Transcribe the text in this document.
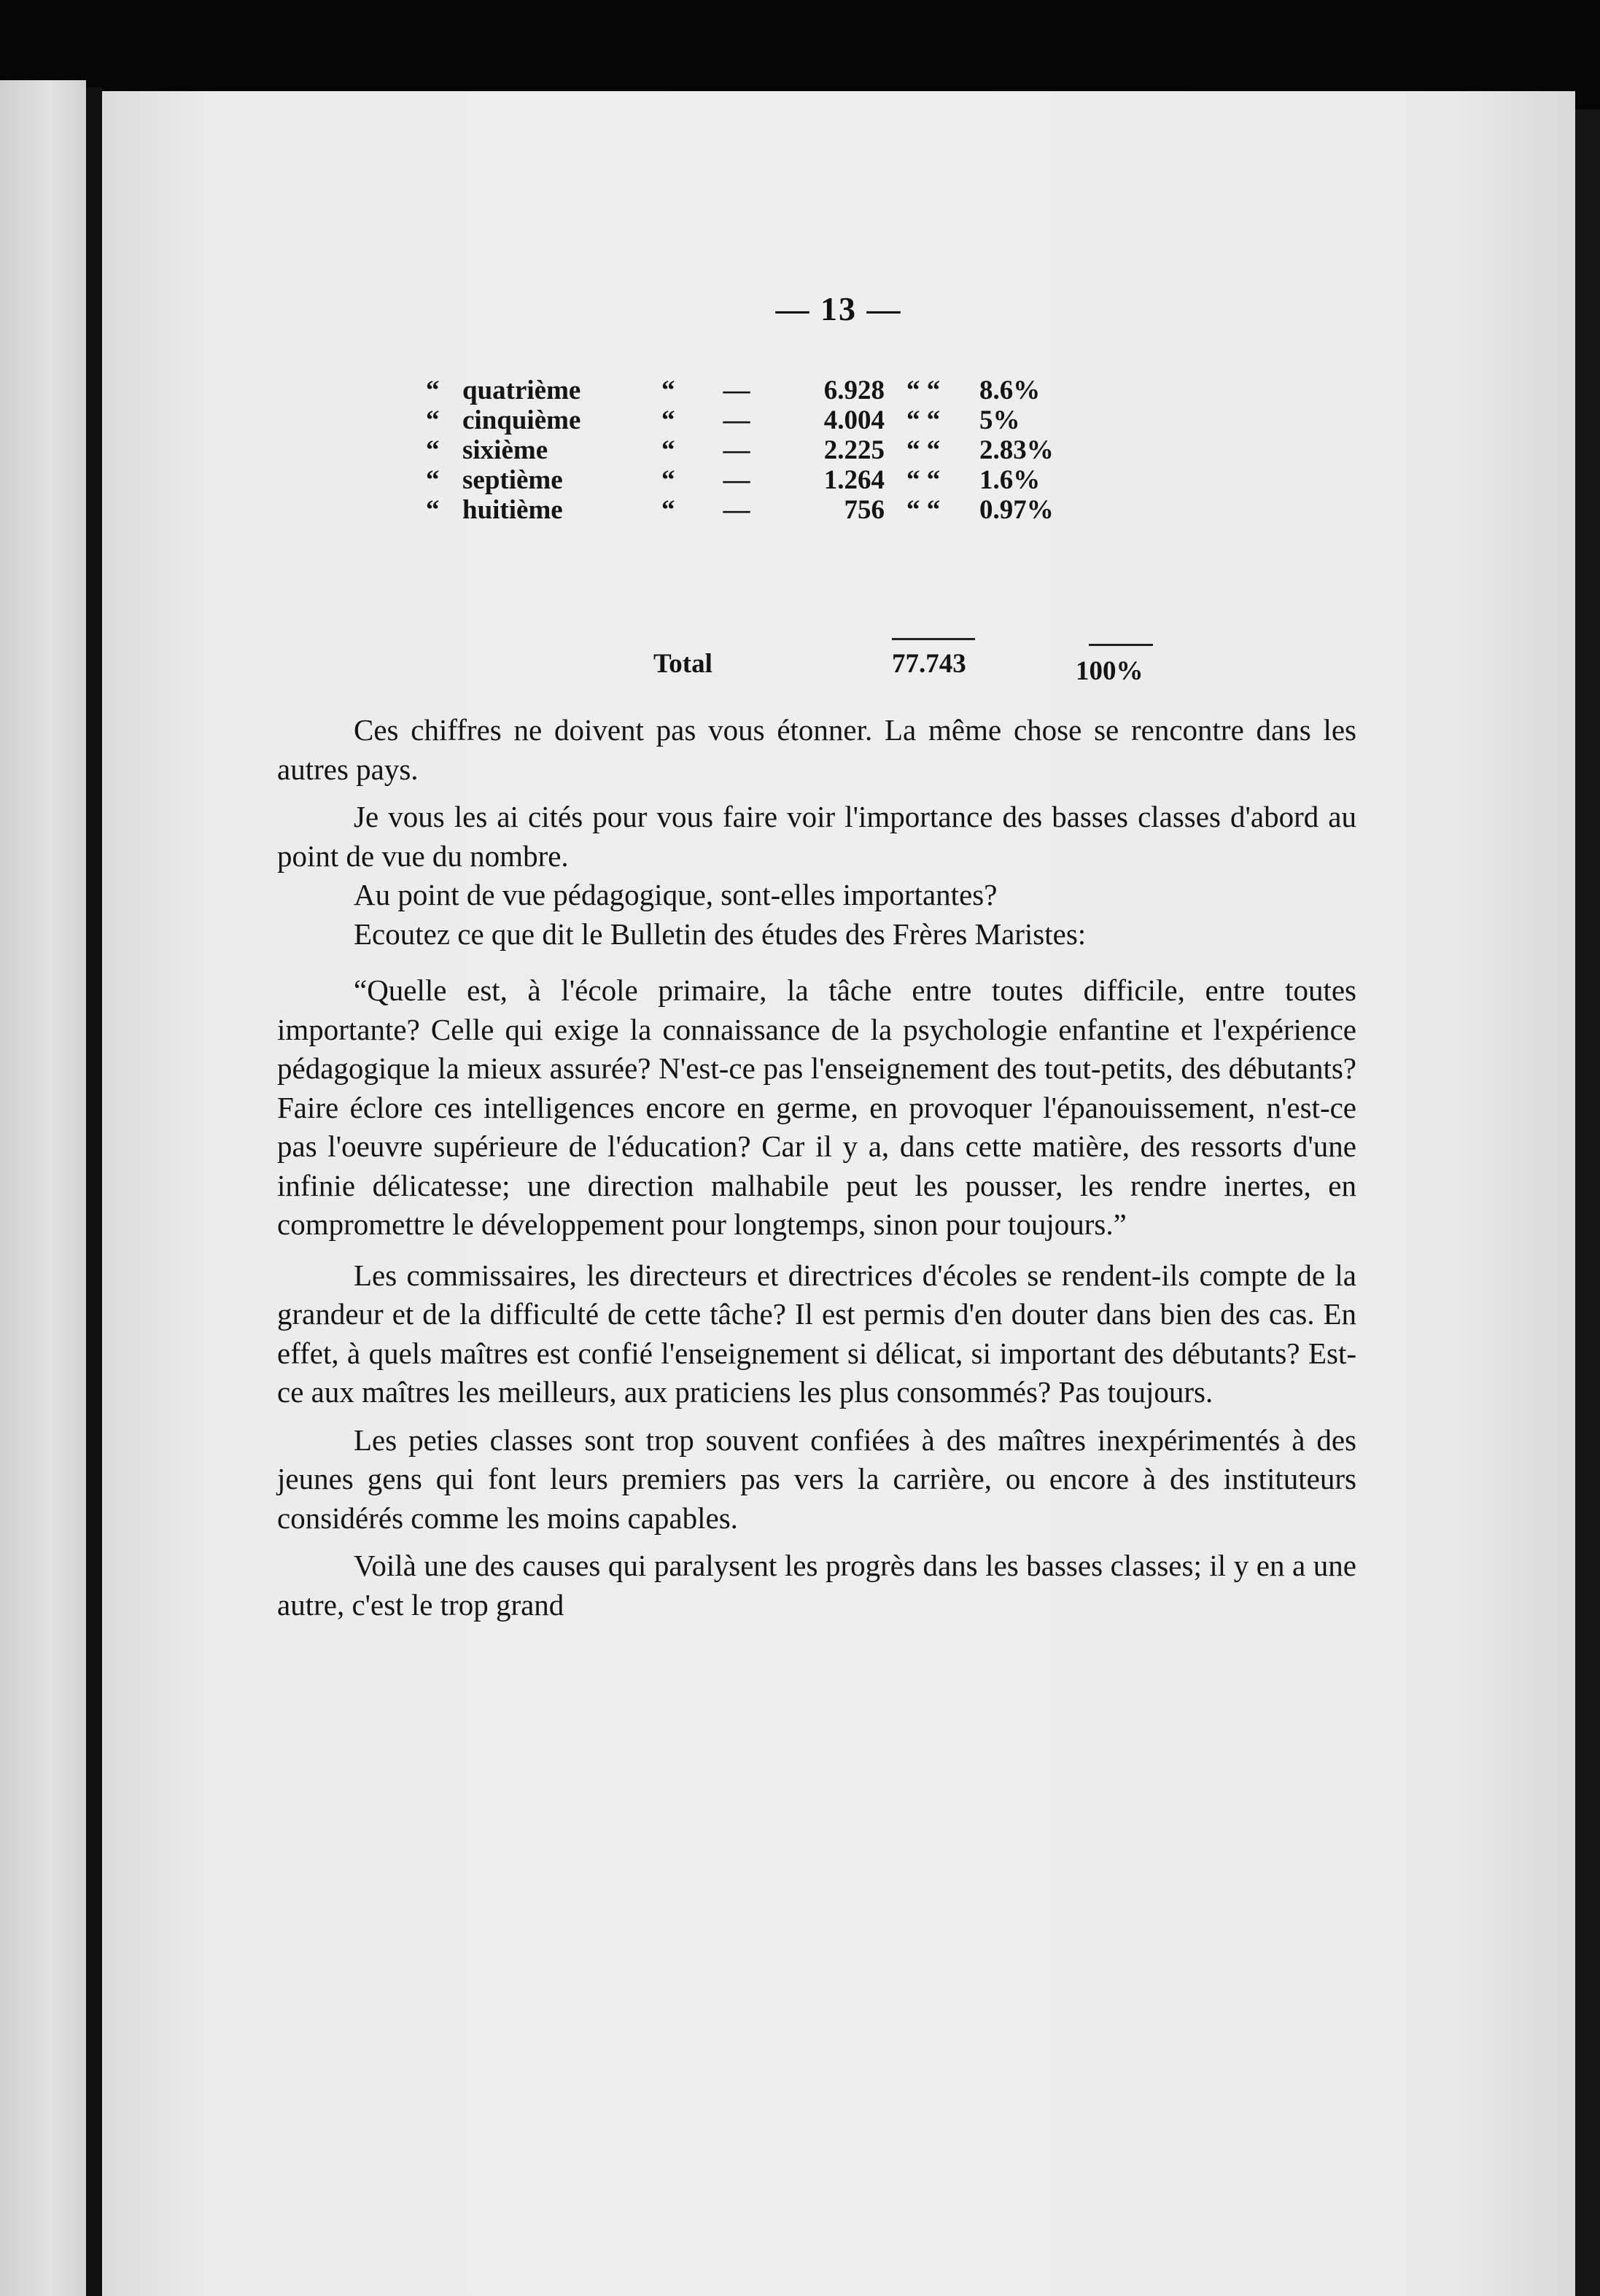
— 13 —
“	quatrième	“	—	6.928	“ “	8.6%
“	cinquième	“	—	4.004	“ “	5%
“	sixième	“	—	2.225	“ “	2.83%
“	septième	“	—	1.264	“ “	1.6%
“	huitième	“	—	756	“ “	0.97%
Total	77.743	100%

Ces chiffres ne doivent pas vous étonner. La même chose se rencontre dans les autres pays.

Je vous les ai cités pour vous faire voir l'importance des basses classes d'abord au point de vue du nombre.

Au point de vue pédagogique, sont-elles importantes?

Ecoutez ce que dit le Bulletin des études des Frères Maristes:

“Quelle est, à l'école primaire, la tâche entre toutes difficile, entre toutes importante? Celle qui exige la connaissance de la psychologie enfantine et l'expérience pédagogique la mieux assurée? N'est-ce pas l'enseignement des tout-petits, des débutants? Faire éclore ces intelligences encore en germe, en provoquer l'épanouissement, n'est-ce pas l'oeuvre supérieure de l'éducation? Car il y a, dans cette matière, des ressorts d'une infinie délicatesse; une direction malhabile peut les pousser, les rendre inertes, en compromettre le développement pour longtemps, sinon pour toujours.”

Les commissaires, les directeurs et directrices d'écoles se rendent-ils compte de la grandeur et de la difficulté de cette tâche? Il est permis d'en douter dans bien des cas. En effet, à quels maîtres est confié l'enseignement si délicat, si important des débutants? Est-ce aux maîtres les meilleurs, aux praticiens les plus consommés? Pas toujours.

Les peties classes sont trop souvent confiées à des maîtres inexpérimentés à des jeunes gens qui font leurs premiers pas vers la carrière, ou encore à des instituteurs considérés comme les moins capables.

Voilà une des causes qui paralysent les progrès dans les basses classes; il y en a une autre, c'est le trop grand
